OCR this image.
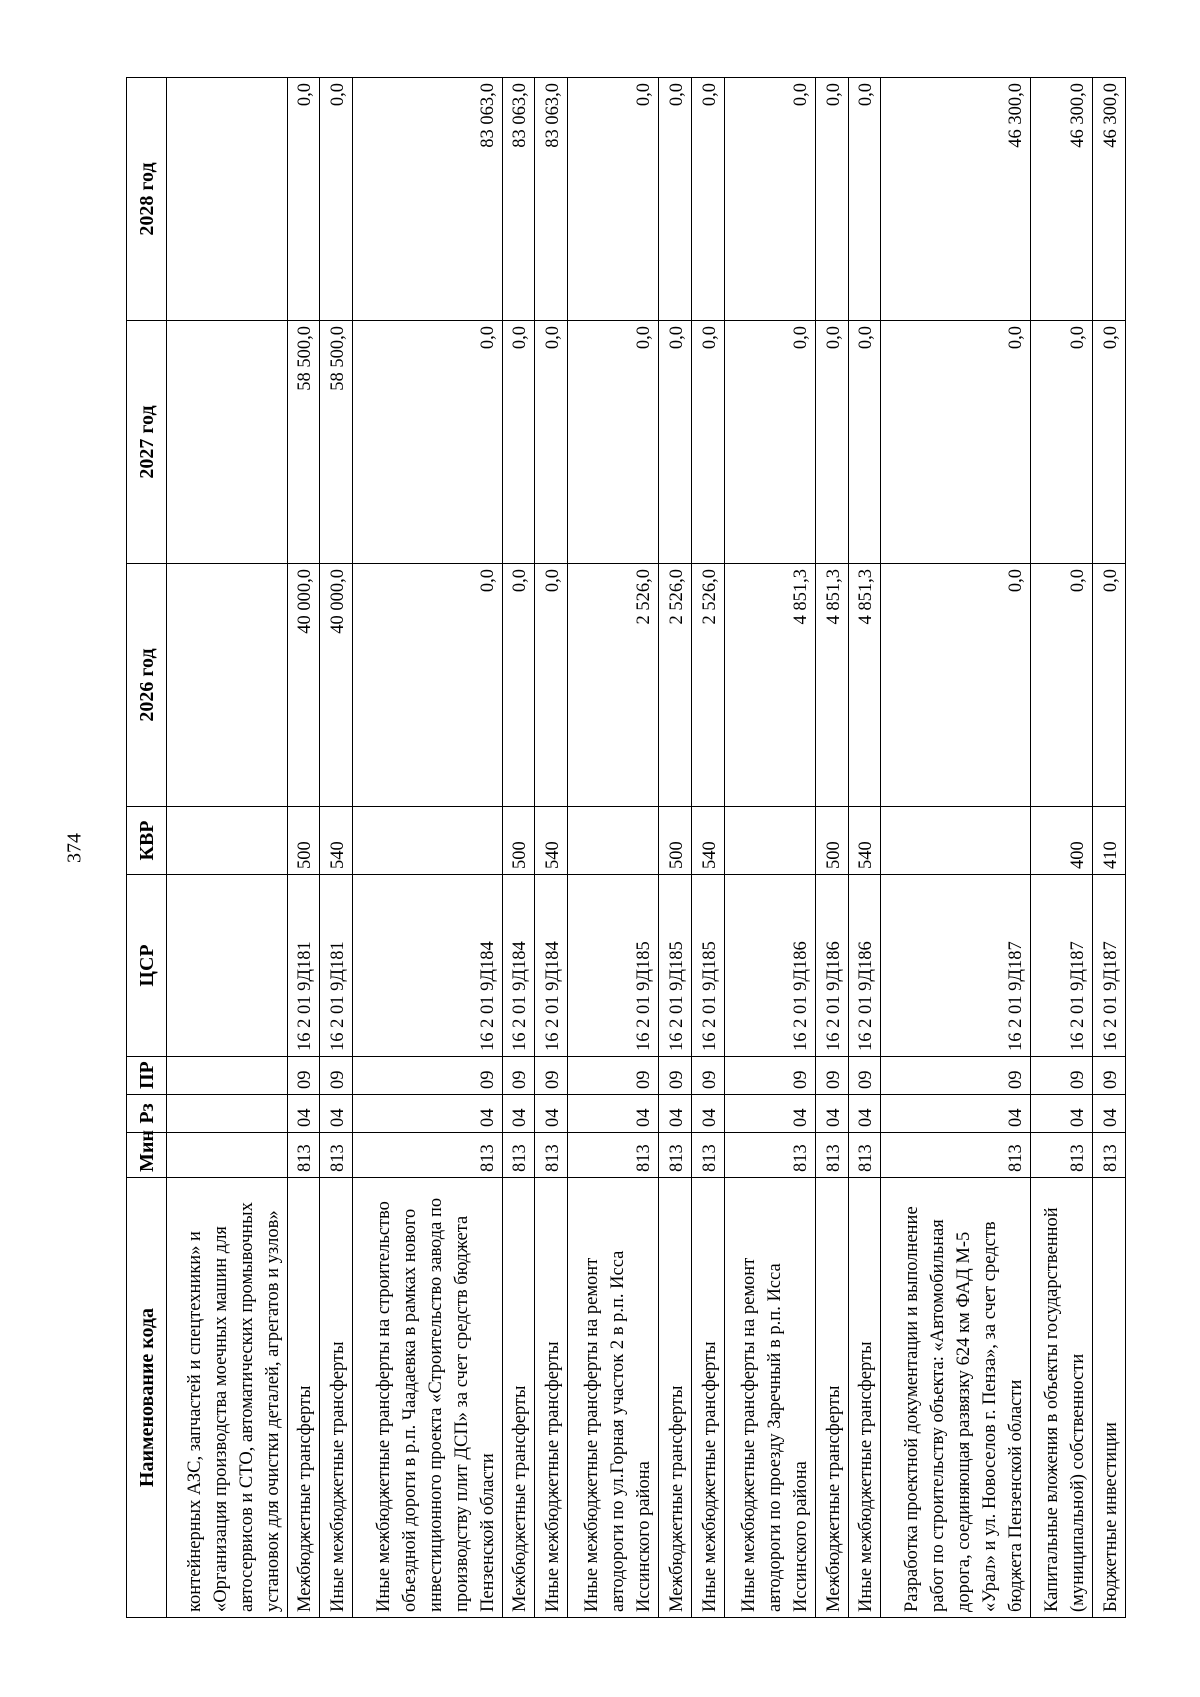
374
Наименование кода	Мин	Рз	ПР	ЦСР	КВР	2026 год	2027 год	2028 год
контейнерных АЗС, запчастей и спецтехники» и «Организация производства моечных машин для автосервисов и СТО, автоматических промывочных установок для очистки деталей, агрегатов и узлов»								
Межбюджетные трансферты	813	04	09	16 2 01 9Д181	500	40 000,0	58 500,0	0,0
Иные межбюджетные трансферты	813	04	09	16 2 01 9Д181	540	40 000,0	58 500,0	0,0
Иные межбюджетные трансферты на строительство объездной дороги в р.п. Чаадаевка в рамках нового инвестиционного проекта «Строительство завода по производству плит ДСП» за счет средств бюджета Пензенской области	813	04	09	16 2 01 9Д184		0,0	0,0	83 063,0
Межбюджетные трансферты	813	04	09	16 2 01 9Д184	500	0,0	0,0	83 063,0
Иные межбюджетные трансферты	813	04	09	16 2 01 9Д184	540	0,0	0,0	83 063,0
Иные межбюджетные трансферты на ремонт автодороги по ул.Горная участок 2 в р.п. Исса Иссинского района	813	04	09	16 2 01 9Д185		2 526,0	0,0	0,0
Межбюджетные трансферты	813	04	09	16 2 01 9Д185	500	2 526,0	0,0	0,0
Иные межбюджетные трансферты	813	04	09	16 2 01 9Д185	540	2 526,0	0,0	0,0
Иные межбюджетные трансферты на ремонт автодороги по проезду Заречный в р.п. Исса Иссинского района	813	04	09	16 2 01 9Д186		4 851,3	0,0	0,0
Межбюджетные трансферты	813	04	09	16 2 01 9Д186	500	4 851,3	0,0	0,0
Иные межбюджетные трансферты	813	04	09	16 2 01 9Д186	540	4 851,3	0,0	0,0
Разработка проектной документации и выполнение работ по строительству объекта: «Автомобильная дорога, соединяющая развязку 624 км ФАД М-5 «Урал» и ул. Новоселов г. Пенза», за счет средств бюджета Пензенской области	813	04	09	16 2 01 9Д187		0,0	0,0	46 300,0
Капитальные вложения в объекты государственной (муниципальной) собственности	813	04	09	16 2 01 9Д187	400	0,0	0,0	46 300,0
Бюджетные инвестиции	813	04	09	16 2 01 9Д187	410	0,0	0,0	46 300,0
